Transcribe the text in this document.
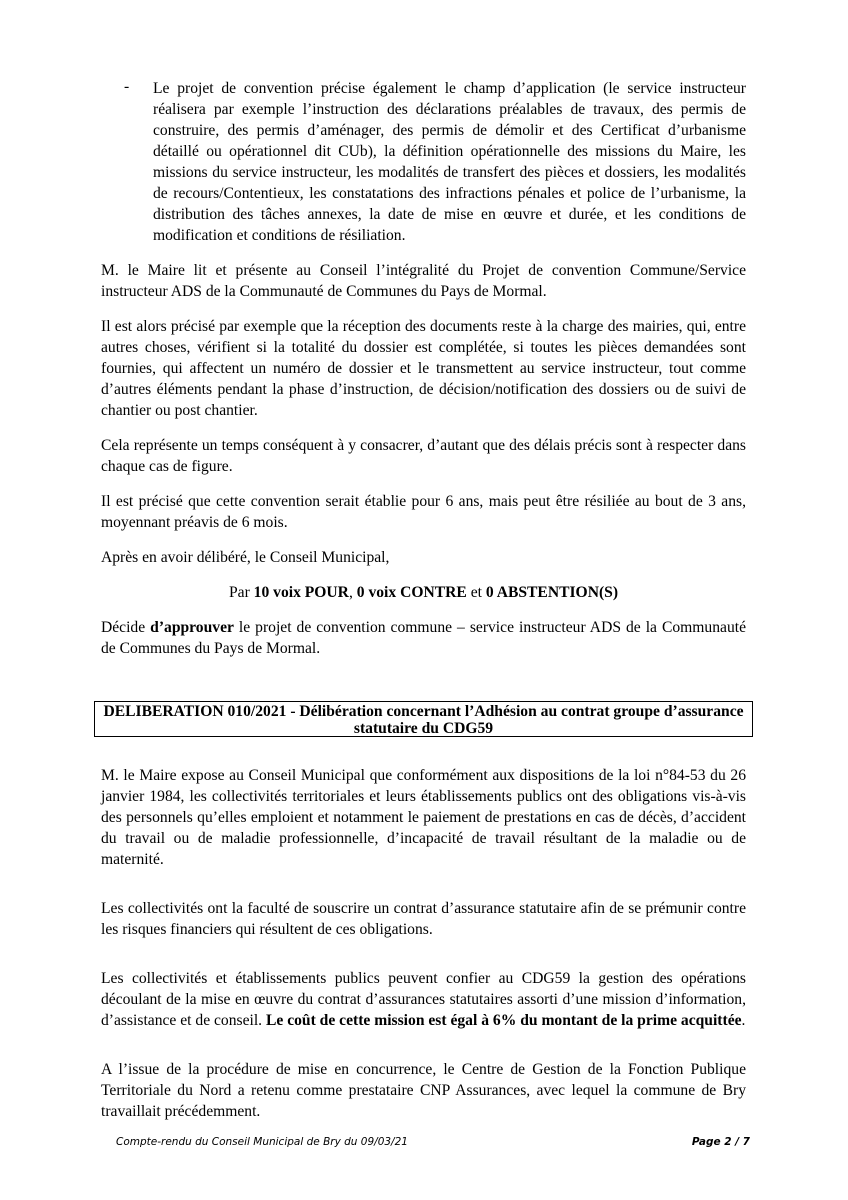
-	Le projet de convention précise également le champ d’application (le service instructeur réalisera par exemple l’instruction des déclarations préalables de travaux, des permis de construire, des permis d’aménager, des permis de démolir et des Certificat d’urbanisme détaillé ou opérationnel dit CUb), la définition opérationnelle des missions du Maire, les missions du service instructeur, les modalités de transfert des pièces et dossiers, les modalités de recours/Contentieux, les constatations des infractions pénales et police de l’urbanisme, la distribution des tâches annexes, la date de mise en œuvre et durée, et les conditions de modification et conditions de résiliation.

M. le Maire lit et présente au Conseil l’intégralité du Projet de convention Commune/Service instructeur ADS de la Communauté de Communes du Pays de Mormal.

Il est alors précisé par exemple que la réception des documents reste à la charge des mairies, qui, entre autres choses, vérifient si la totalité du dossier est complétée, si toutes les pièces demandées sont fournies, qui affectent un numéro de dossier et le transmettent au service instructeur, tout comme d’autres éléments pendant la phase d’instruction, de décision/notification des dossiers ou de suivi de chantier ou post chantier.

Cela représente un temps conséquent à y consacrer, d’autant que des délais précis sont à respecter dans chaque cas de figure.

Il est précisé que cette convention serait établie pour 6 ans, mais peut être résiliée au bout de 3 ans, moyennant préavis de 6 mois.

Après en avoir délibéré, le Conseil Municipal,

Par 10 voix POUR, 0 voix CONTRE et 0 ABSTENTION(S)

Décide d’approuver le projet de convention commune – service instructeur ADS de la Communauté de Communes du Pays de Mormal.

DELIBERATION 010/2021 - Délibération concernant l’Adhésion au contrat groupe d’assurance
statutaire du CDG59

M. le Maire expose au Conseil Municipal que conformément aux dispositions de la loi n°84-53 du 26 janvier 1984, les collectivités territoriales et leurs établissements publics ont des obligations vis-à-vis des personnels qu’elles emploient et notamment le paiement de prestations en cas de décès, d’accident du travail ou de maladie professionnelle, d’incapacité de travail résultant de la maladie ou de maternité.

Les collectivités ont la faculté de souscrire un contrat d’assurance statutaire afin de se prémunir contre les risques financiers qui résultent de ces obligations.

Les collectivités et établissements publics peuvent confier au CDG59 la gestion des opérations découlant de la mise en œuvre du contrat d’assurances statutaires assorti d’une mission d’information, d’assistance et de conseil. Le coût de cette mission est égal à 6% du montant de la prime acquittée.

A l’issue de la procédure de mise en concurrence, le Centre de Gestion de la Fonction Publique Territoriale du Nord a retenu comme prestataire CNP Assurances, avec lequel la commune de Bry travaillait précédemment.

Compte-rendu du Conseil Municipal de Bry du 09/03/21	Page 2 / 7
